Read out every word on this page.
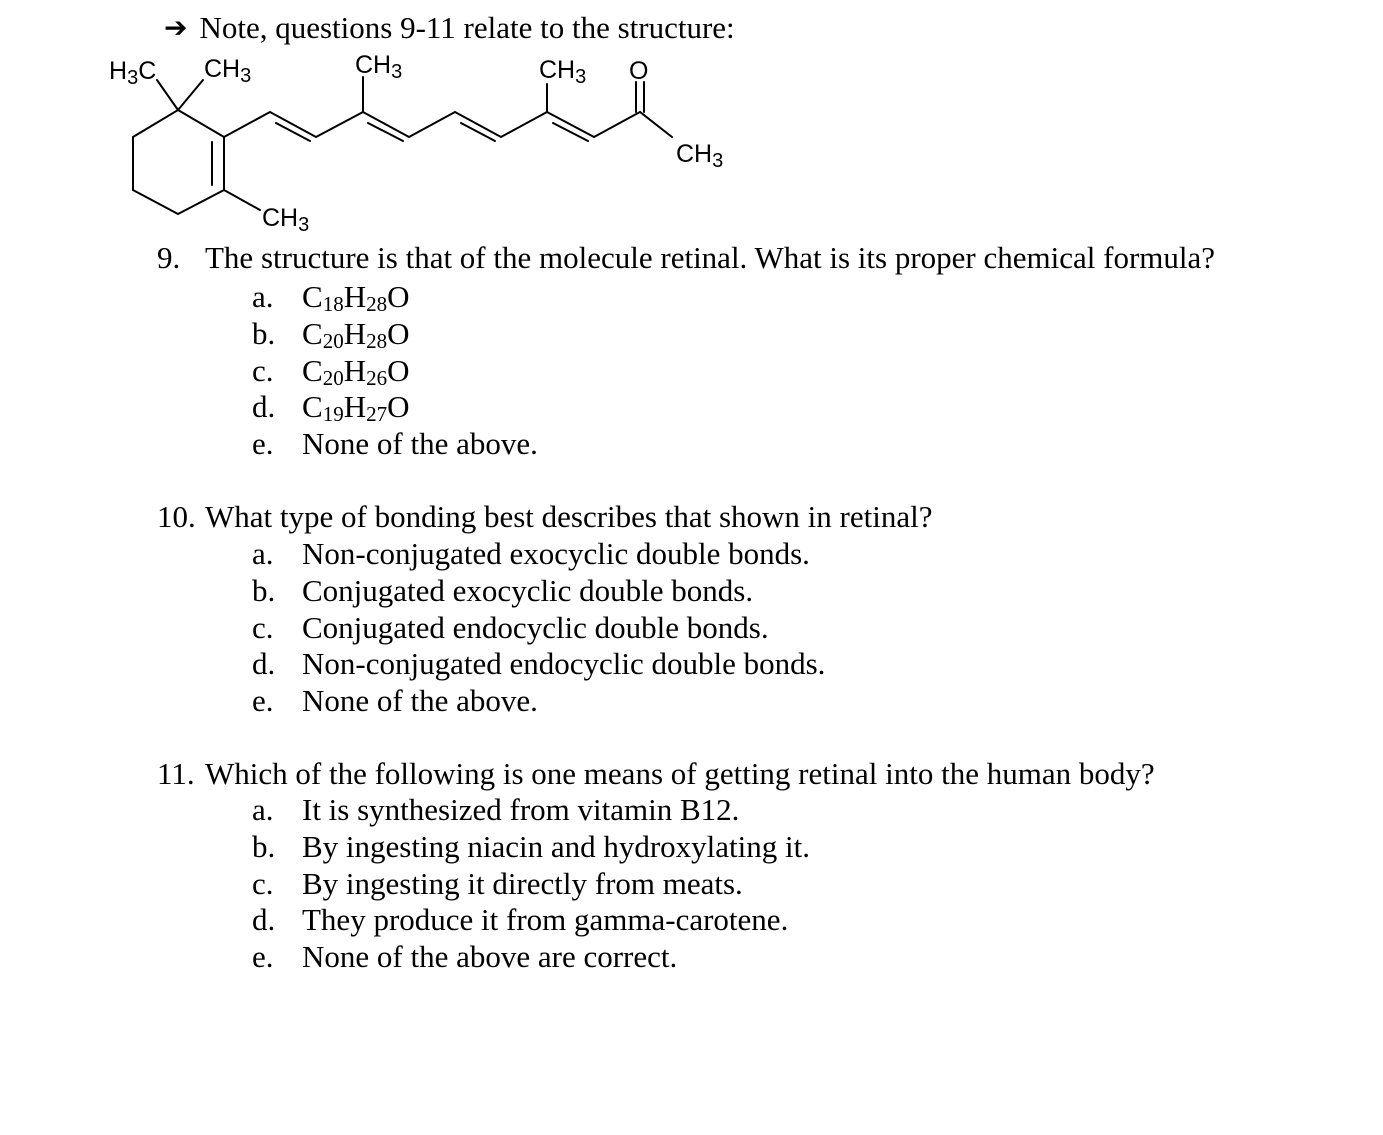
➔ Note, questions 9-11 relate to the structure:
$H_3C$ $CH_3$	$CH_3$	$CH_3$ O
$CH_3$
$CH_3$
9. The structure is that of the molecule retinal. What is its proper chemical formula?
a. $C_{18}H_{28}O$
b. $C_{20}H_{28}O$
c. $C_{20}H_{26}O$
d. $C_{19}H_{27}O$
e. None of the above.
10. What type of bonding best describes that shown in retinal?
a. Non-conjugated exocyclic double bonds.
b. Conjugated exocyclic double bonds.
c. Conjugated endocyclic double bonds.
d. Non-conjugated endocyclic double bonds.
e. None of the above.
11. Which of the following is one means of getting retinal into the human body?
a. It is synthesized from vitamin B12.
b. By ingesting niacin and hydroxylating it.
c. By ingesting it directly from meats.
d. They produce it from gamma-carotene.
e. None of the above are correct.
